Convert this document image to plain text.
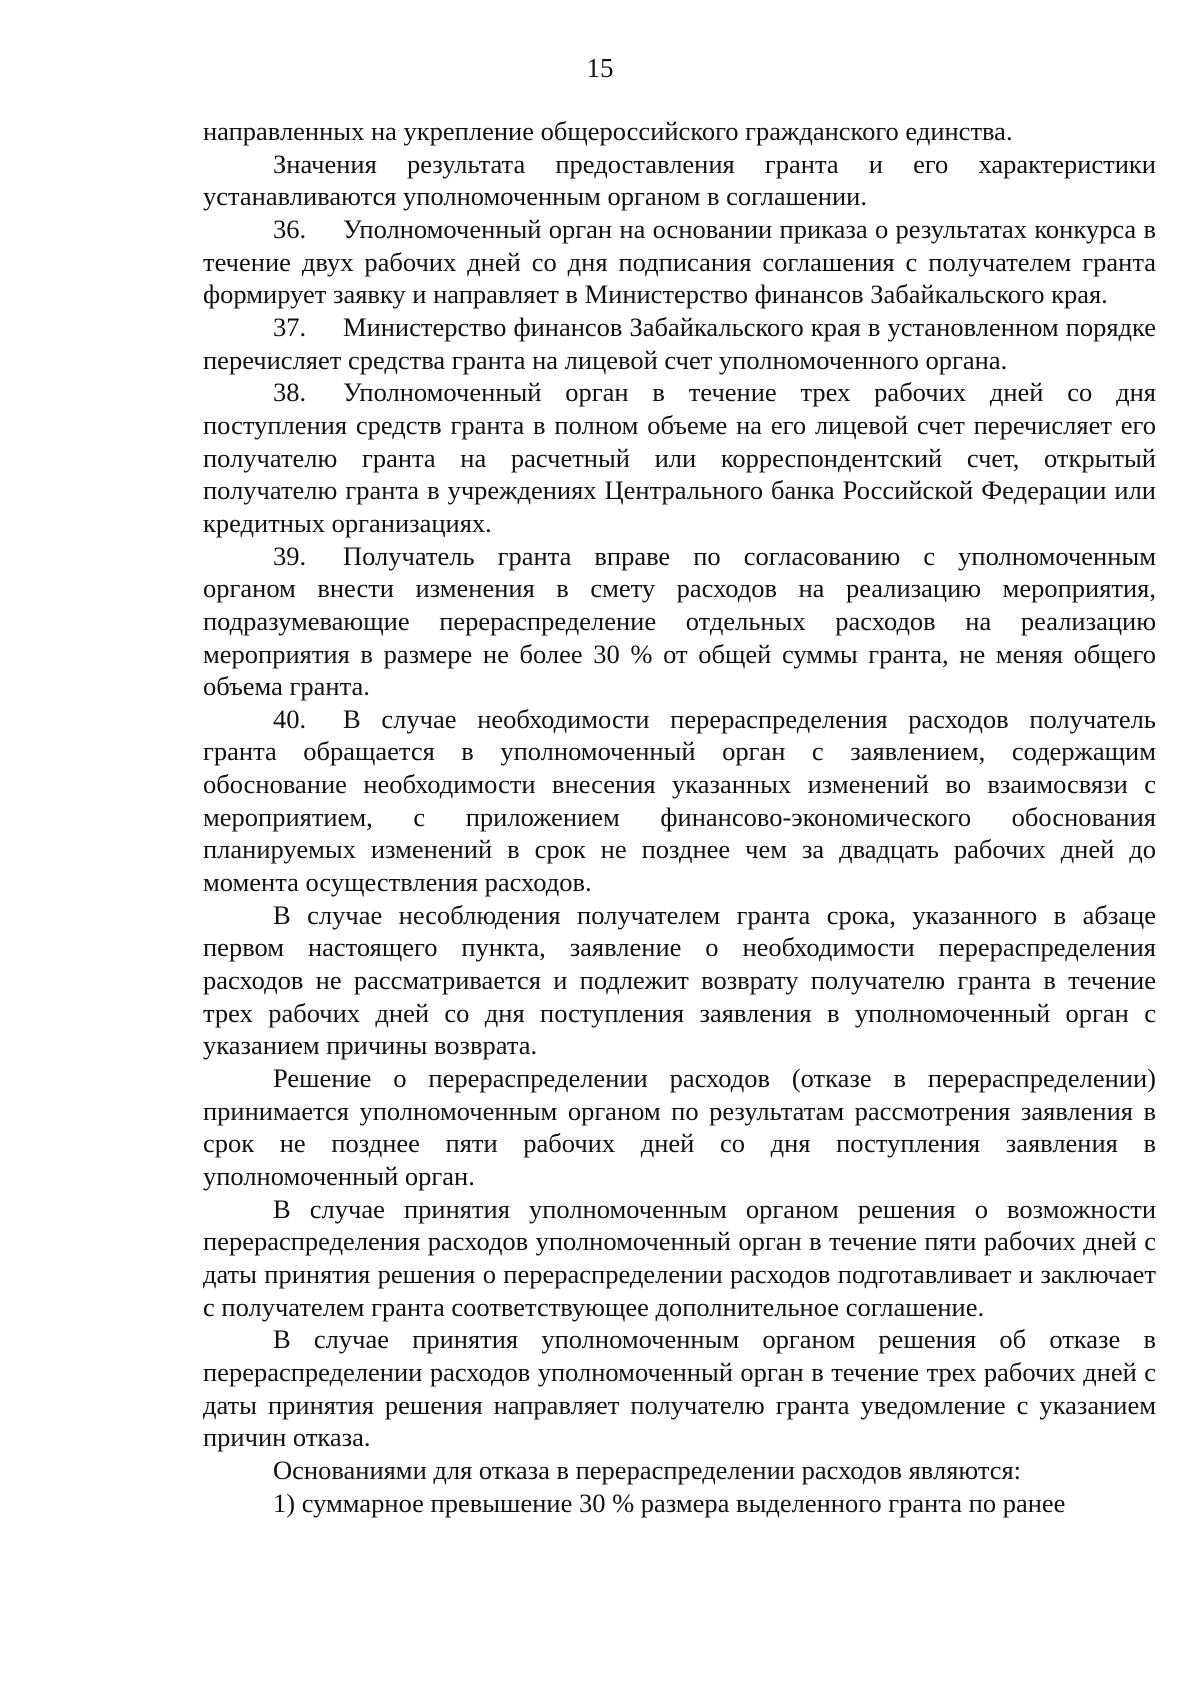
15

направленных на укрепление общероссийского гражданского единства.

Значения результата предоставления гранта и его характеристики устанавливаются уполномоченным органом в соглашении.

36. Уполномоченный орган на основании приказа о результатах конкурса в течение двух рабочих дней со дня подписания соглашения с получателем гранта формирует заявку и направляет в Министерство финансов Забайкальского края.

37. Министерство финансов Забайкальского края в установленном порядке перечисляет средства гранта на лицевой счет уполномоченного органа.

38. Уполномоченный орган в течение трех рабочих дней со дня поступления средств гранта в полном объеме на его лицевой счет перечисляет его получателю гранта на расчетный или корреспондентский счет, открытый получателю гранта в учреждениях Центрального банка Российской Федерации или кредитных организациях.

39. Получатель гранта вправе по согласованию с уполномоченным органом внести изменения в смету расходов на реализацию мероприятия, подразумевающие перераспределение отдельных расходов на реализацию мероприятия в размере не более 30 % от общей суммы гранта, не меняя общего объема гранта.

40. В случае необходимости перераспределения расходов получатель гранта обращается в уполномоченный орган с заявлением, содержащим обоснование необходимости внесения указанных изменений во взаимосвязи с мероприятием, с приложением финансово-экономического обоснования планируемых изменений в срок не позднее чем за двадцать рабочих дней до момента осуществления расходов.

В случае несоблюдения получателем гранта срока, указанного в абзаце первом настоящего пункта, заявление о необходимости перераспределения расходов не рассматривается и подлежит возврату получателю гранта в течение трех рабочих дней со дня поступления заявления в уполномоченный орган с указанием причины возврата.

Решение о перераспределении расходов (отказе в перераспределении) принимается уполномоченным органом по результатам рассмотрения заявления в срок не позднее пяти рабочих дней со дня поступления заявления в уполномоченный орган.

В случае принятия уполномоченным органом решения о возможности перераспределения расходов уполномоченный орган в течение пяти рабочих дней с даты принятия решения о перераспределении расходов подготавливает и заключает с получателем гранта соответствующее дополнительное соглашение.

В случае принятия уполномоченным органом решения об отказе в перераспределении расходов уполномоченный орган в течение трех рабочих дней с даты принятия решения направляет получателю гранта уведомление с указанием причин отказа.

Основаниями для отказа в перераспределении расходов являются:

1) суммарное превышение 30 % размера выделенного гранта по ранее
